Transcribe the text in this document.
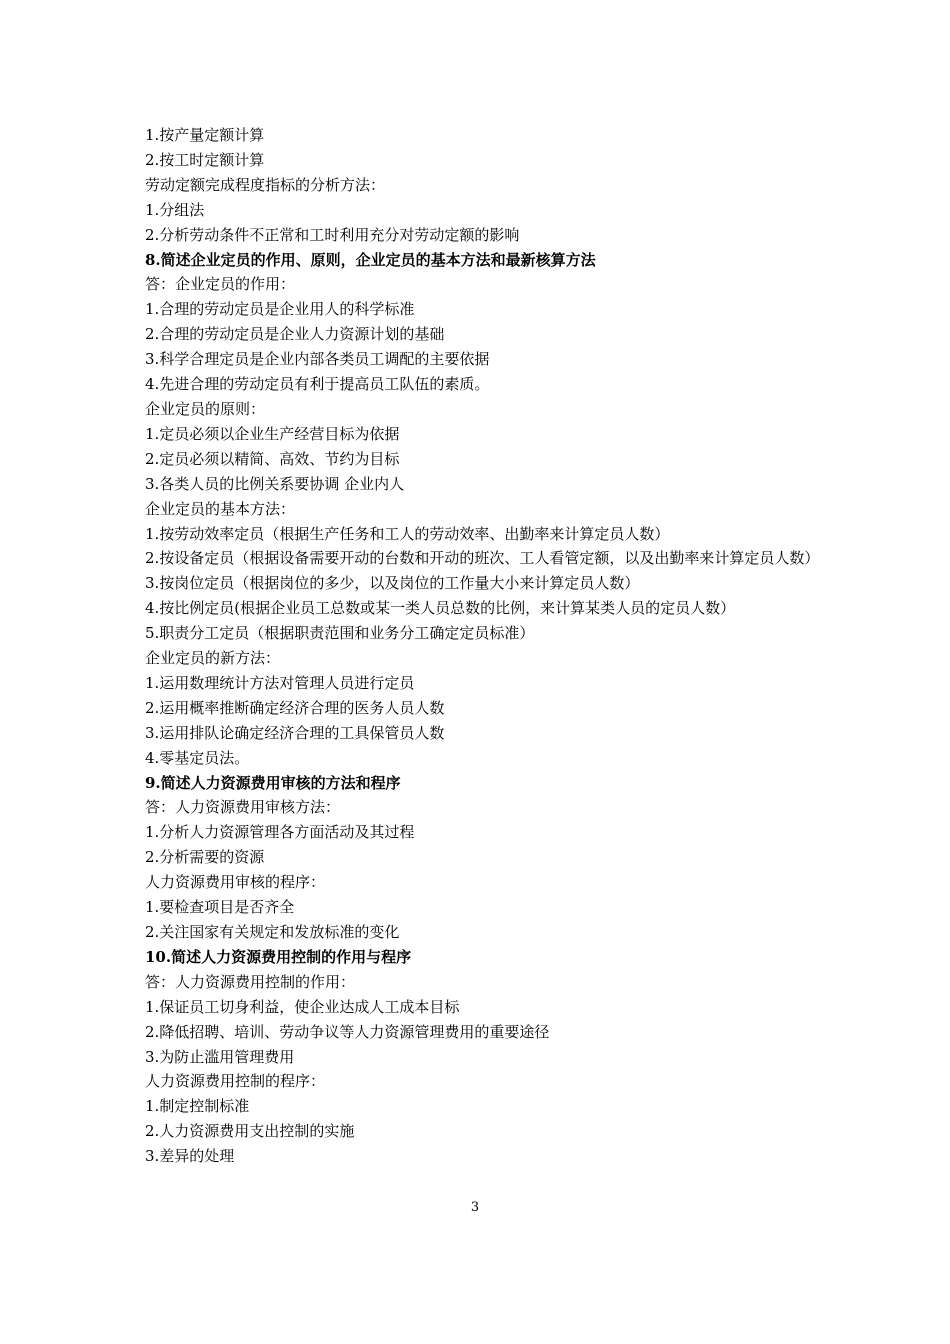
1.按产量定额计算
2.按工时定额计算
劳动定额完成程度指标的分析方法：
1.分组法
2.分析劳动条件不正常和工时利用充分对劳动定额的影响
8.简述企业定员的作用、原则，企业定员的基本方法和最新核算方法
答：企业定员的作用：
1.合理的劳动定员是企业用人的科学标准
2.合理的劳动定员是企业人力资源计划的基础
3.科学合理定员是企业内部各类员工调配的主要依据
4.先进合理的劳动定员有利于提高员工队伍的素质。
企业定员的原则：
1.定员必须以企业生产经营目标为依据
2.定员必须以精简、高效、节约为目标
3.各类人员的比例关系要协调 企业内人
企业定员的基本方法：
1.按劳动效率定员（根据生产任务和工人的劳动效率、出勤率来计算定员人数）
2.按设备定员（根据设备需要开动的台数和开动的班次、工人看管定额，以及出勤率来计算定员人数）
3.按岗位定员（根据岗位的多少，以及岗位的工作量大小来计算定员人数）
4.按比例定员(根据企业员工总数或某一类人员总数的比例，来计算某类人员的定员人数）
5.职责分工定员（根据职责范围和业务分工确定定员标准）
企业定员的新方法：
1.运用数理统计方法对管理人员进行定员
2.运用概率推断确定经济合理的医务人员人数
3.运用排队论确定经济合理的工具保管员人数
4.零基定员法。
9.简述人力资源费用审核的方法和程序
答：人力资源费用审核方法：
1.分析人力资源管理各方面活动及其过程
2.分析需要的资源
人力资源费用审核的程序：
1.要检查项目是否齐全
2.关注国家有关规定和发放标准的变化
10.简述人力资源费用控制的作用与程序
答：人力资源费用控制的作用：
1.保证员工切身利益，使企业达成人工成本目标
2.降低招聘、培训、劳动争议等人力资源管理费用的重要途径
3.为防止滥用管理费用
人力资源费用控制的程序：
1.制定控制标准
2.人力资源费用支出控制的实施
3.差异的处理
3
